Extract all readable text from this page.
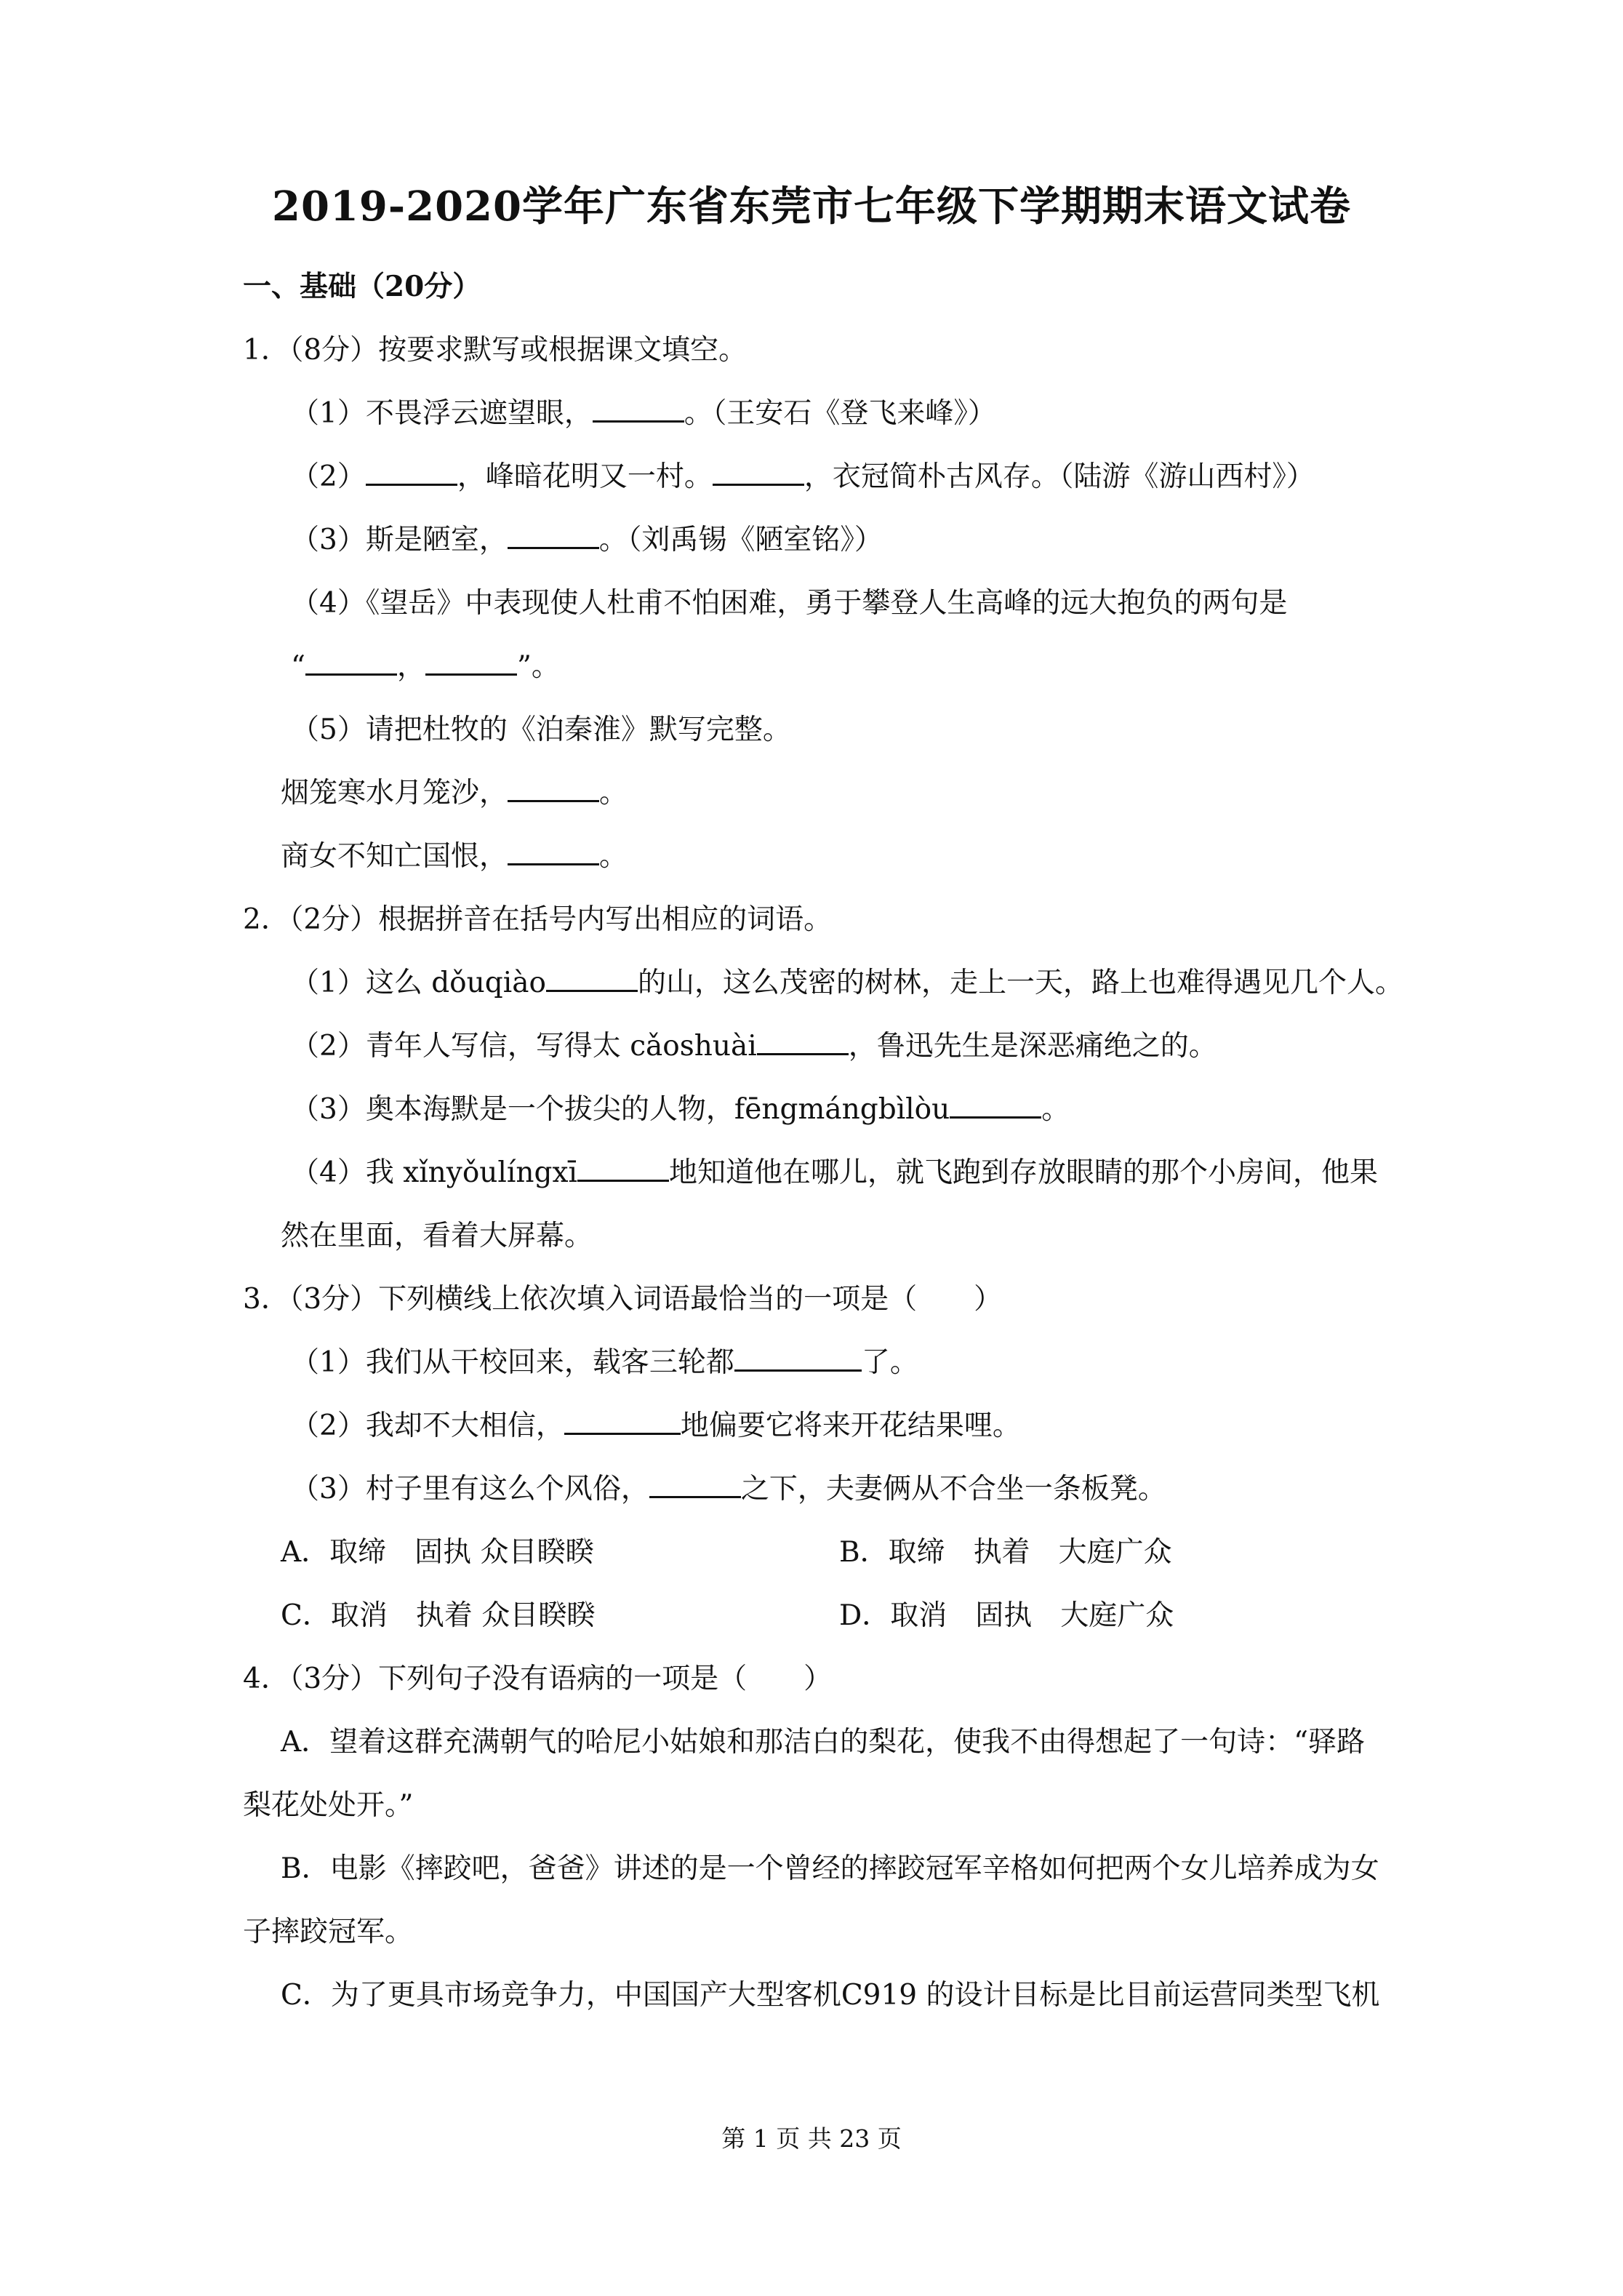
2019-2020学年广东省东莞市七年级下学期期末语文试卷
一、基础（20分）
1．（8分）按要求默写或根据课文填空。
（1）不畏浮云遮望眼，	。（王安石《登飞来峰》）
（2）	，峰暗花明又一村。	，衣冠简朴古风存。（陆游《游山西村》）
（3）斯是陋室，	。（刘禹锡《陋室铭》）
（4）《望岳》中表现使人杜甫不怕困难，勇于攀登人生高峰的远大抱负的两句是
“	，	”。
（5）请把杜牧的《泊秦淮》默写完整。
烟笼寒水月笼沙，	。
商女不知亡国恨，	。
2．（2分）根据拼音在括号内写出相应的词语。
（1）这么 dǒuqiào	的山，这么茂密的树林，走上一天，路上也难得遇见几个人。
（2）青年人写信，写得太 cǎoshuài	，鲁迅先生是深恶痛绝之的。
（3）奥本海默是一个拔尖的人物，fēngmángbìlòu	。
（4）我 xǐnyǒulíngxī	地知道他在哪儿，就飞跑到存放眼睛的那个小房间，他果
然在里面，看着大屏幕。
3．（3分）下列横线上依次填入词语最恰当的一项是（　　）
（1）我们从干校回来，载客三轮都	了。
（2）我却不大相信，	地偏要它将来开花结果哩。
（3）村子里有这么个风俗，	之下，夫妻俩从不合坐一条板凳。
A．取缔　固执 众目睽睽	B．取缔　执着　大庭广众
C．取消　执着 众目睽睽	D．取消　固执　大庭广众
4．（3分）下列句子没有语病的一项是（　　）
A．望着这群充满朝气的哈尼小姑娘和那洁白的梨花，使我不由得想起了一句诗：“驿路
梨花处处开。”
B．电影《摔跤吧，爸爸》讲述的是一个曾经的摔跤冠军辛格如何把两个女儿培养成为女
子摔跤冠军。
C．为了更具市场竞争力，中国国产大型客机C919 的设计目标是比目前运营同类型飞机
第 1 页 共 23 页
